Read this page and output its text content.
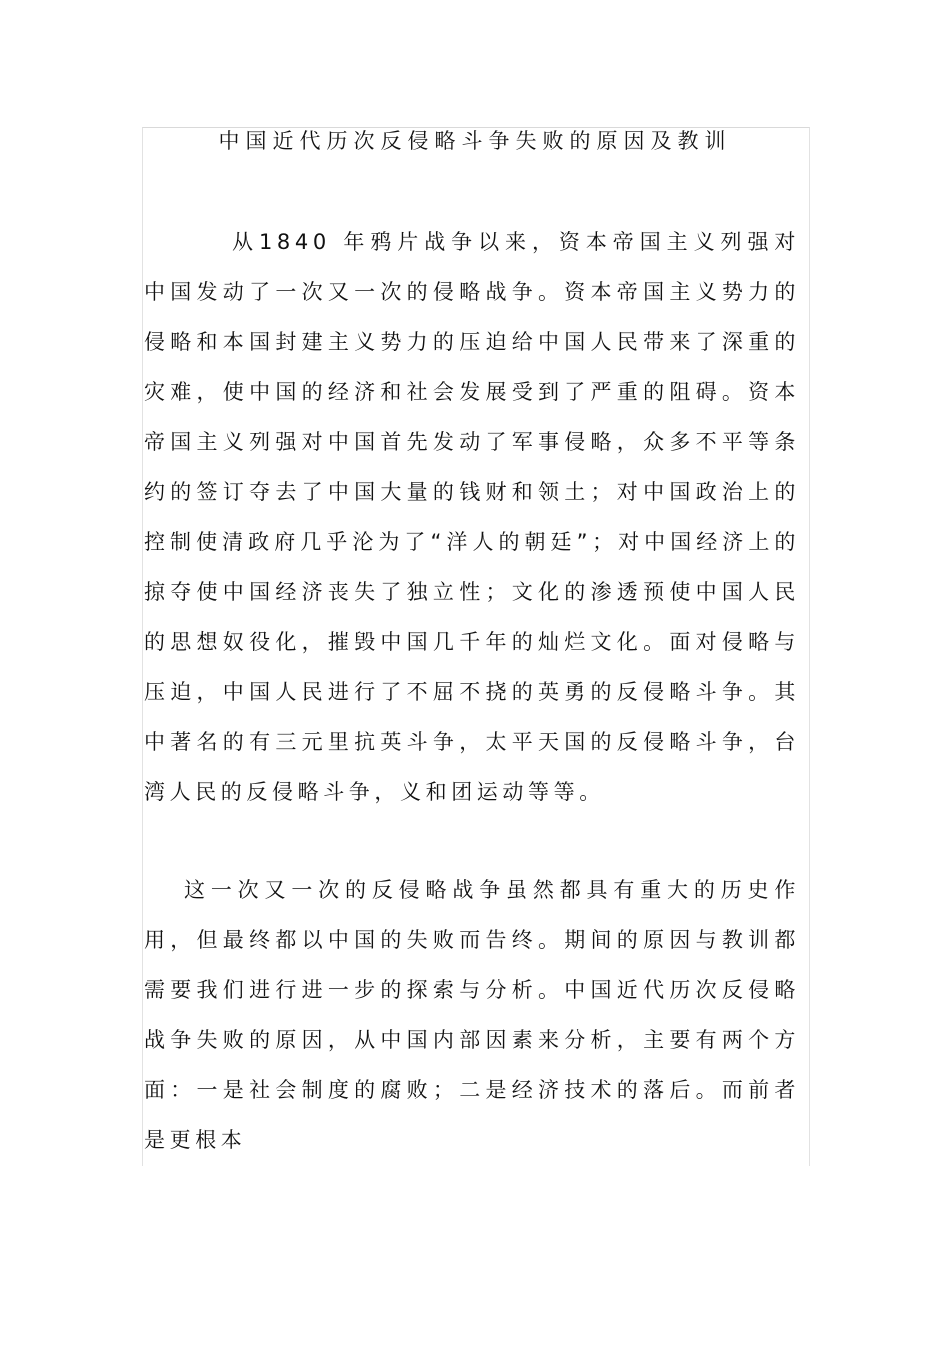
中国近代历次反侵略斗争失败的原因及教训

从1840 年鸦片战争以来，资本帝国主义列强对中国发动了一次又一次的侵略战争。资本帝国主义势力的侵略和本国封建主义势力的压迫给中国人民带来了深重的灾难，使中国的经济和社会发展受到了严重的阻碍。资本帝国主义列强对中国首先发动了军事侵略，众多不平等条约的签订夺去了中国大量的钱财和领土；对中国政治上的控制使清政府几乎沦为了“洋人的朝廷”；对中国经济上的掠夺使中国经济丧失了独立性；文化的渗透预使中国人民的思想奴役化，摧毁中国几千年的灿烂文化。面对侵略与压迫，中国人民进行了不屈不挠的英勇的反侵略斗争。其中著名的有三元里抗英斗争，太平天国的反侵略斗争，台湾人民的反侵略斗争，义和团运动等等。

这一次又一次的反侵略战争虽然都具有重大的历史作用，但最终都以中国的失败而告终。期间的原因与教训都需要我们进行进一步的探索与分析。中国近代历次反侵略战争失败的原因，从中国内部因素来分析，主要有两个方面：一是社会制度的腐败；二是经济技术的落后。而前者是更根本
